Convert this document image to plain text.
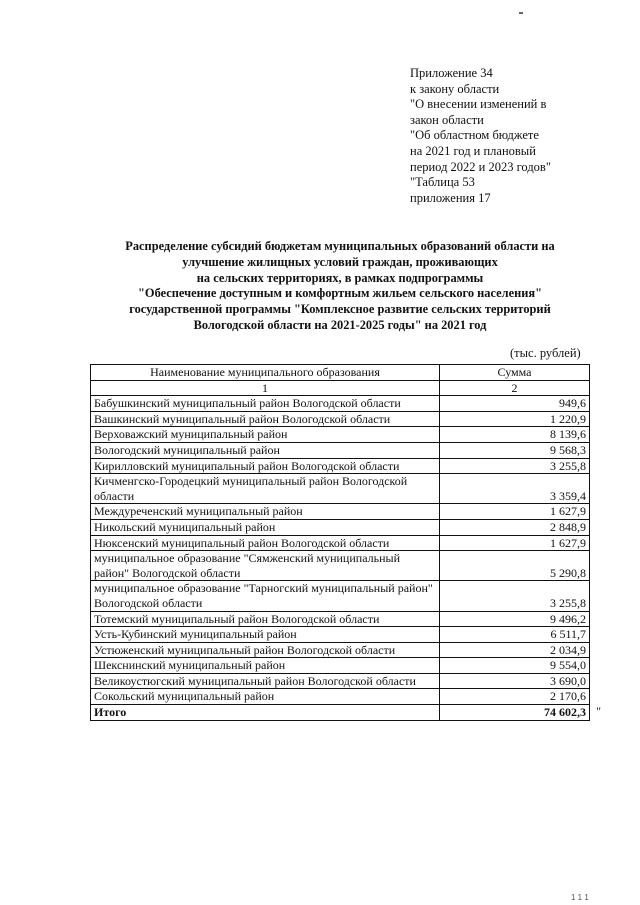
Приложение 34
к закону области
"О внесении изменений в
закон области
"Об областном бюджете
на 2021 год и плановый
период 2022 и 2023 годов"
"Таблица 53
приложения 17
Распределение субсидий бюджетам муниципальных образований области на
улучшение жилищных условий граждан, проживающих
на сельских территориях, в рамках подпрограммы
"Обеспечение доступным и комфортным жильем сельского населения"
государственной программы "Комплексное развитие сельских территорий
Вологодской области на 2021-2025 годы" на 2021 год
(тыс. рублей)
Наименование муниципального образования	Сумма
1	2
Бабушкинский муниципальный район Вологодской области	949,6
Вашкинский муниципальный район Вологодской области	1 220,9
Верховажский муниципальный район	8 139,6
Вологодский муниципальный район	9 568,3
Кирилловский муниципальный район Вологодской области	3 255,8
Кичменгско-Городецкий муниципальный район Вологодской области	3 359,4
Междуреченский муниципальный район	1 627,9
Никольский муниципальный район	2 848,9
Нюксенский муниципальный район Вологодской области	1 627,9
муниципальное образование "Сямженский муниципальный район" Вологодской области	5 290,8
муниципальное образование "Тарногский муниципальный район" Вологодской области	3 255,8
Тотемский муниципальный район Вологодской области	9 496,2
Усть-Кубинский муниципальный район	6 511,7
Устюженский муниципальный район Вологодской области	2 034,9
Шекснинский муниципальный район	9 554,0
Великоустюгский муниципальный район Вологодской области	3 690,0
Сокольский муниципальный район	2 170,6
Итого	74 602,3 "
1 1 1
